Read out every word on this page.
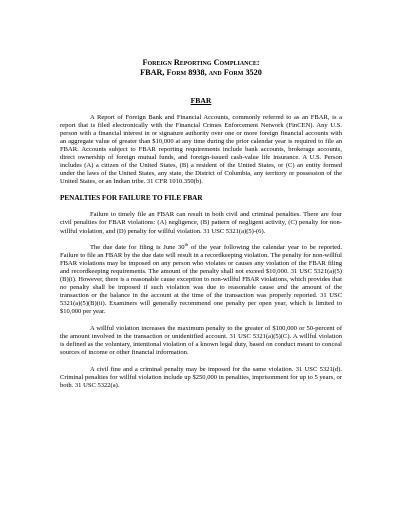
Foreign Reporting Compliance:
FBAR, Form 8938, and Form 3520
FBAR

A Report of Foreign Bank and Financial Accounts, commonly referred to as an FBAR, is a report that is filed electronically with the Financial Crimes Enforcement Network (FinCEN). Any U.S. person with a financial interest in or signature authority over one or more foreign financial accounts with an aggregate value of greater than $10,000 at any time during the prior calendar year is required to file an FBAR. Accounts subject to FBAR reporting requirements include bank accounts, brokerage accounts, direct ownership of foreign mutual funds, and foreign-issued cash-value life insurance. A U.S. Person includes (A) a citizen of the United States, (B) a resident of the United States, or (C) an entity formed under the laws of the United States, any state, the District of Columbia, any territory or possession of the United States, or an Indian tribe. 31 CFR 1010.350(b).

PENALTIES FOR FAILURE TO FILE FBAR

Failure to timely file an FBAR can result in both civil and criminal penalties. There are four civil penalties for FBAR violations: (A) negligence, (B) pattern of negligent activity, (C) penalty for non-willful violation, and (D) penalty for willful violation. 31 USC 5321(a)(5)-(6).

The due date for filing is June 30th of the year following the calendar year to be reported. Failure to file an FBAR by the due date will result in a recordkeeping violation. The penalty for non-willful FBAR violations may be imposed on any person who violates or causes any violation of the FBAR filing and recordkeeping requirements. The amount of the penalty shall not exceed $10,000. 31 USC 5321(a)(5)(B)(i). However, there is a reasonable cause exception to non-willful FBAR violations, which provides that no penalty shall be imposed if such violation was due to reasonable cause and the amount of the transaction or the balance in the account at the time of the transaction was properly reported. 31 USC 5321(a)(5)(B)(ii). Examiners will generally recommend one penalty per open year, which is limited to $10,000 per year.

A willful violation increases the maximum penalty to the greater of $100,000 or 50-percent of the amount involved in the transaction or unidentified account. 31 USC 5321(a)(5)(C). A willful violation is defined as the voluntary, intentional violation of a known legal duty, based on conduct meant to conceal sources of income or other financial information.

A civil fine and a criminal penalty may be imposed for the same violation. 31 USC 5321(d). Criminal penalties for willful violation include up $250,000 in penalties, imprisonment for up to 5 years, or both. 31 USC 5322(a).
